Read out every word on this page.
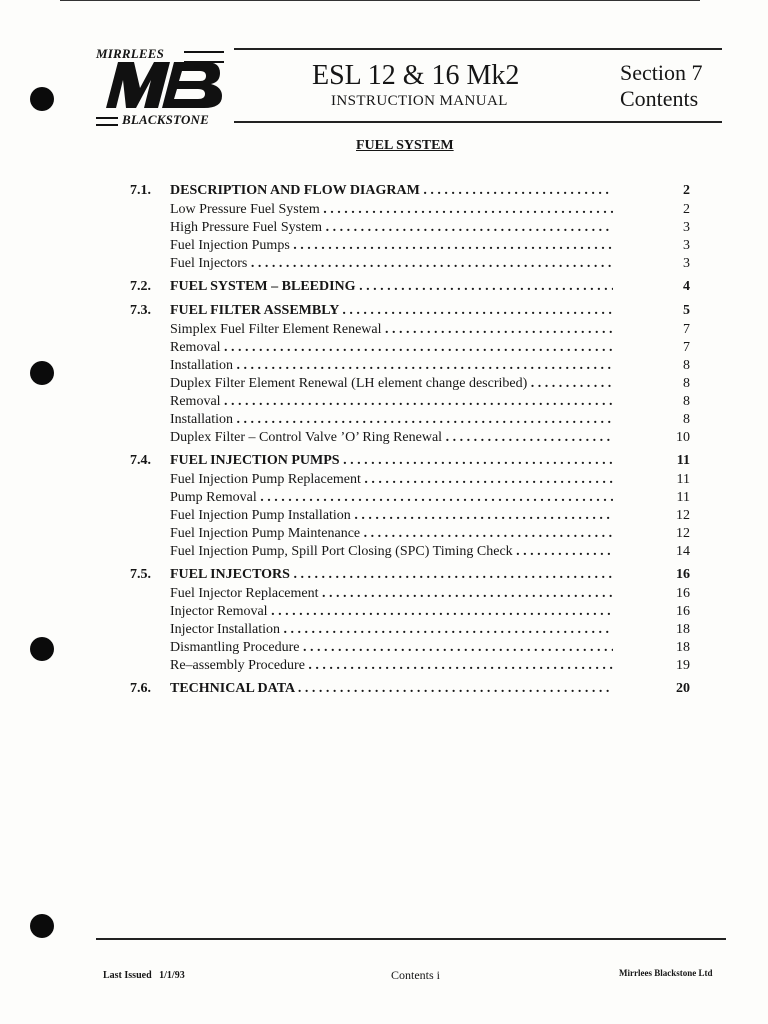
MIRRLEES
MB
BLACKSTONE
ESL 12 & 16 Mk2
INSTRUCTION MANUAL
Section 7
Contents
FUEL SYSTEM
7.1.	DESCRIPTION AND FLOW DIAGRAM . . .	2
Low Pressure Fuel System . . .	2
High Pressure Fuel System . . .	3
Fuel Injection Pumps . . .	3
Fuel Injectors . . .	3
7.2.	FUEL SYSTEM – BLEEDING . . .	4
7.3.	FUEL FILTER ASSEMBLY . . .	5
Simplex Fuel Filter Element Renewal . . .	7
Removal . . .	7
Installation . . .	8
Duplex Filter Element Renewal (LH element change described) . . .	8
Removal . . .	8
Installation . . .	8
Duplex Filter – Control Valve ’O’ Ring Renewal . . .	10
7.4.	FUEL INJECTION PUMPS . . .	11
Fuel Injection Pump Replacement . . .	11
Pump Removal . . .	11
Fuel Injection Pump Installation . . .	12
Fuel Injection Pump Maintenance . . .	12
Fuel Injection Pump, Spill Port Closing (SPC) Timing Check . . .	14
7.5.	FUEL INJECTORS . . .	16
Fuel Injector Replacement . . .	16
Injector Removal . . .	16
Injector Installation . . .	18
Dismantling Procedure . . .	18
Re–assembly Procedure . . .	19
7.6.	TECHNICAL DATA . . .	20
Last Issued 1/1/93	Contents i	Mirrlees Blackstone Ltd
